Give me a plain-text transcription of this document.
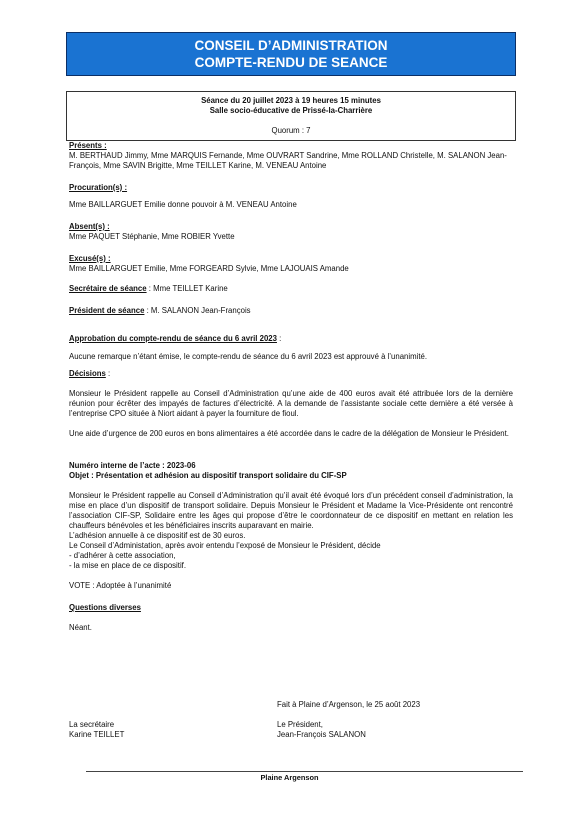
CONSEIL D’ADMINISTRATION
COMPTE-RENDU DE SEANCE
Séance du 20 juillet 2023 à 19 heures 15 minutes
Salle socio-éducative de Prissé-la-Charrière
Quorum : 7

Présents :

M. BERTHAUD Jimmy, Mme MARQUIS Fernande, Mme OUVRART Sandrine, Mme ROLLAND Christelle, M. SALANON Jean-François, Mme SAVIN Brigitte, Mme TEILLET Karine, M. VENEAU Antoine

Procuration(s) :

Mme BAILLARGUET Emilie donne pouvoir à M. VENEAU Antoine

Absent(s) :

Mme PAQUET Stéphanie, Mme ROBIER Yvette

Excusé(s) :

Mme BAILLARGUET Emilie, Mme FORGEARD Sylvie, Mme LAJOUAIS Amande

Secrétaire de séance : Mme TEILLET Karine

Président de séance : M. SALANON Jean-François

Approbation du compte-rendu de séance du 6 avril 2023 :

Aucune remarque n’étant émise, le compte-rendu de séance du 6 avril 2023 est approuvé à l’unanimité.

Décisions :

Monsieur le Président rappelle au Conseil d’Administration qu’une aide de 400 euros avait été attribuée lors de la dernière réunion pour écrêter des impayés de factures d’électricité. A la demande de l’assistante sociale cette dernière a été versée à l’entreprise CPO située à Niort aidant à payer la fourniture de fioul.

Une aide d’urgence de 200 euros en bons alimentaires a été accordée dans le cadre de la délégation de Monsieur le Président.

Numéro interne de l’acte : 2023-06

Objet : Présentation et adhésion au dispositif transport solidaire du CIF-SP

Monsieur le Président rappelle au Conseil d’Administration qu’il avait été évoqué lors d’un précédent conseil d’administration, la mise en place d’un dispositif de transport solidaire. Depuis Monsieur le Président et Madame la Vice-Présidente ont rencontré l’association CIF-SP, Solidaire entre les âges qui propose d’être le coordonnateur de ce dispositif en mettant en relation les chauffeurs bénévoles et les bénéficiaires inscrits auparavant en mairie.

L’adhésion annuelle à ce dispositif est de 30 euros.

Le Conseil d’Administation, après avoir entendu l’exposé de Monsieur le Président, décide

- d’adhérer à cette association,

- la mise en place de ce dispositif.

VOTE : Adoptée à l’unanimité

Questions diverses

Néant.

Fait à Plaine d’Argenson, le 25 août 2023
La secrétaire
Karine TEILLET
Le Président,
Jean-François SALANON
Plaine Argenson
